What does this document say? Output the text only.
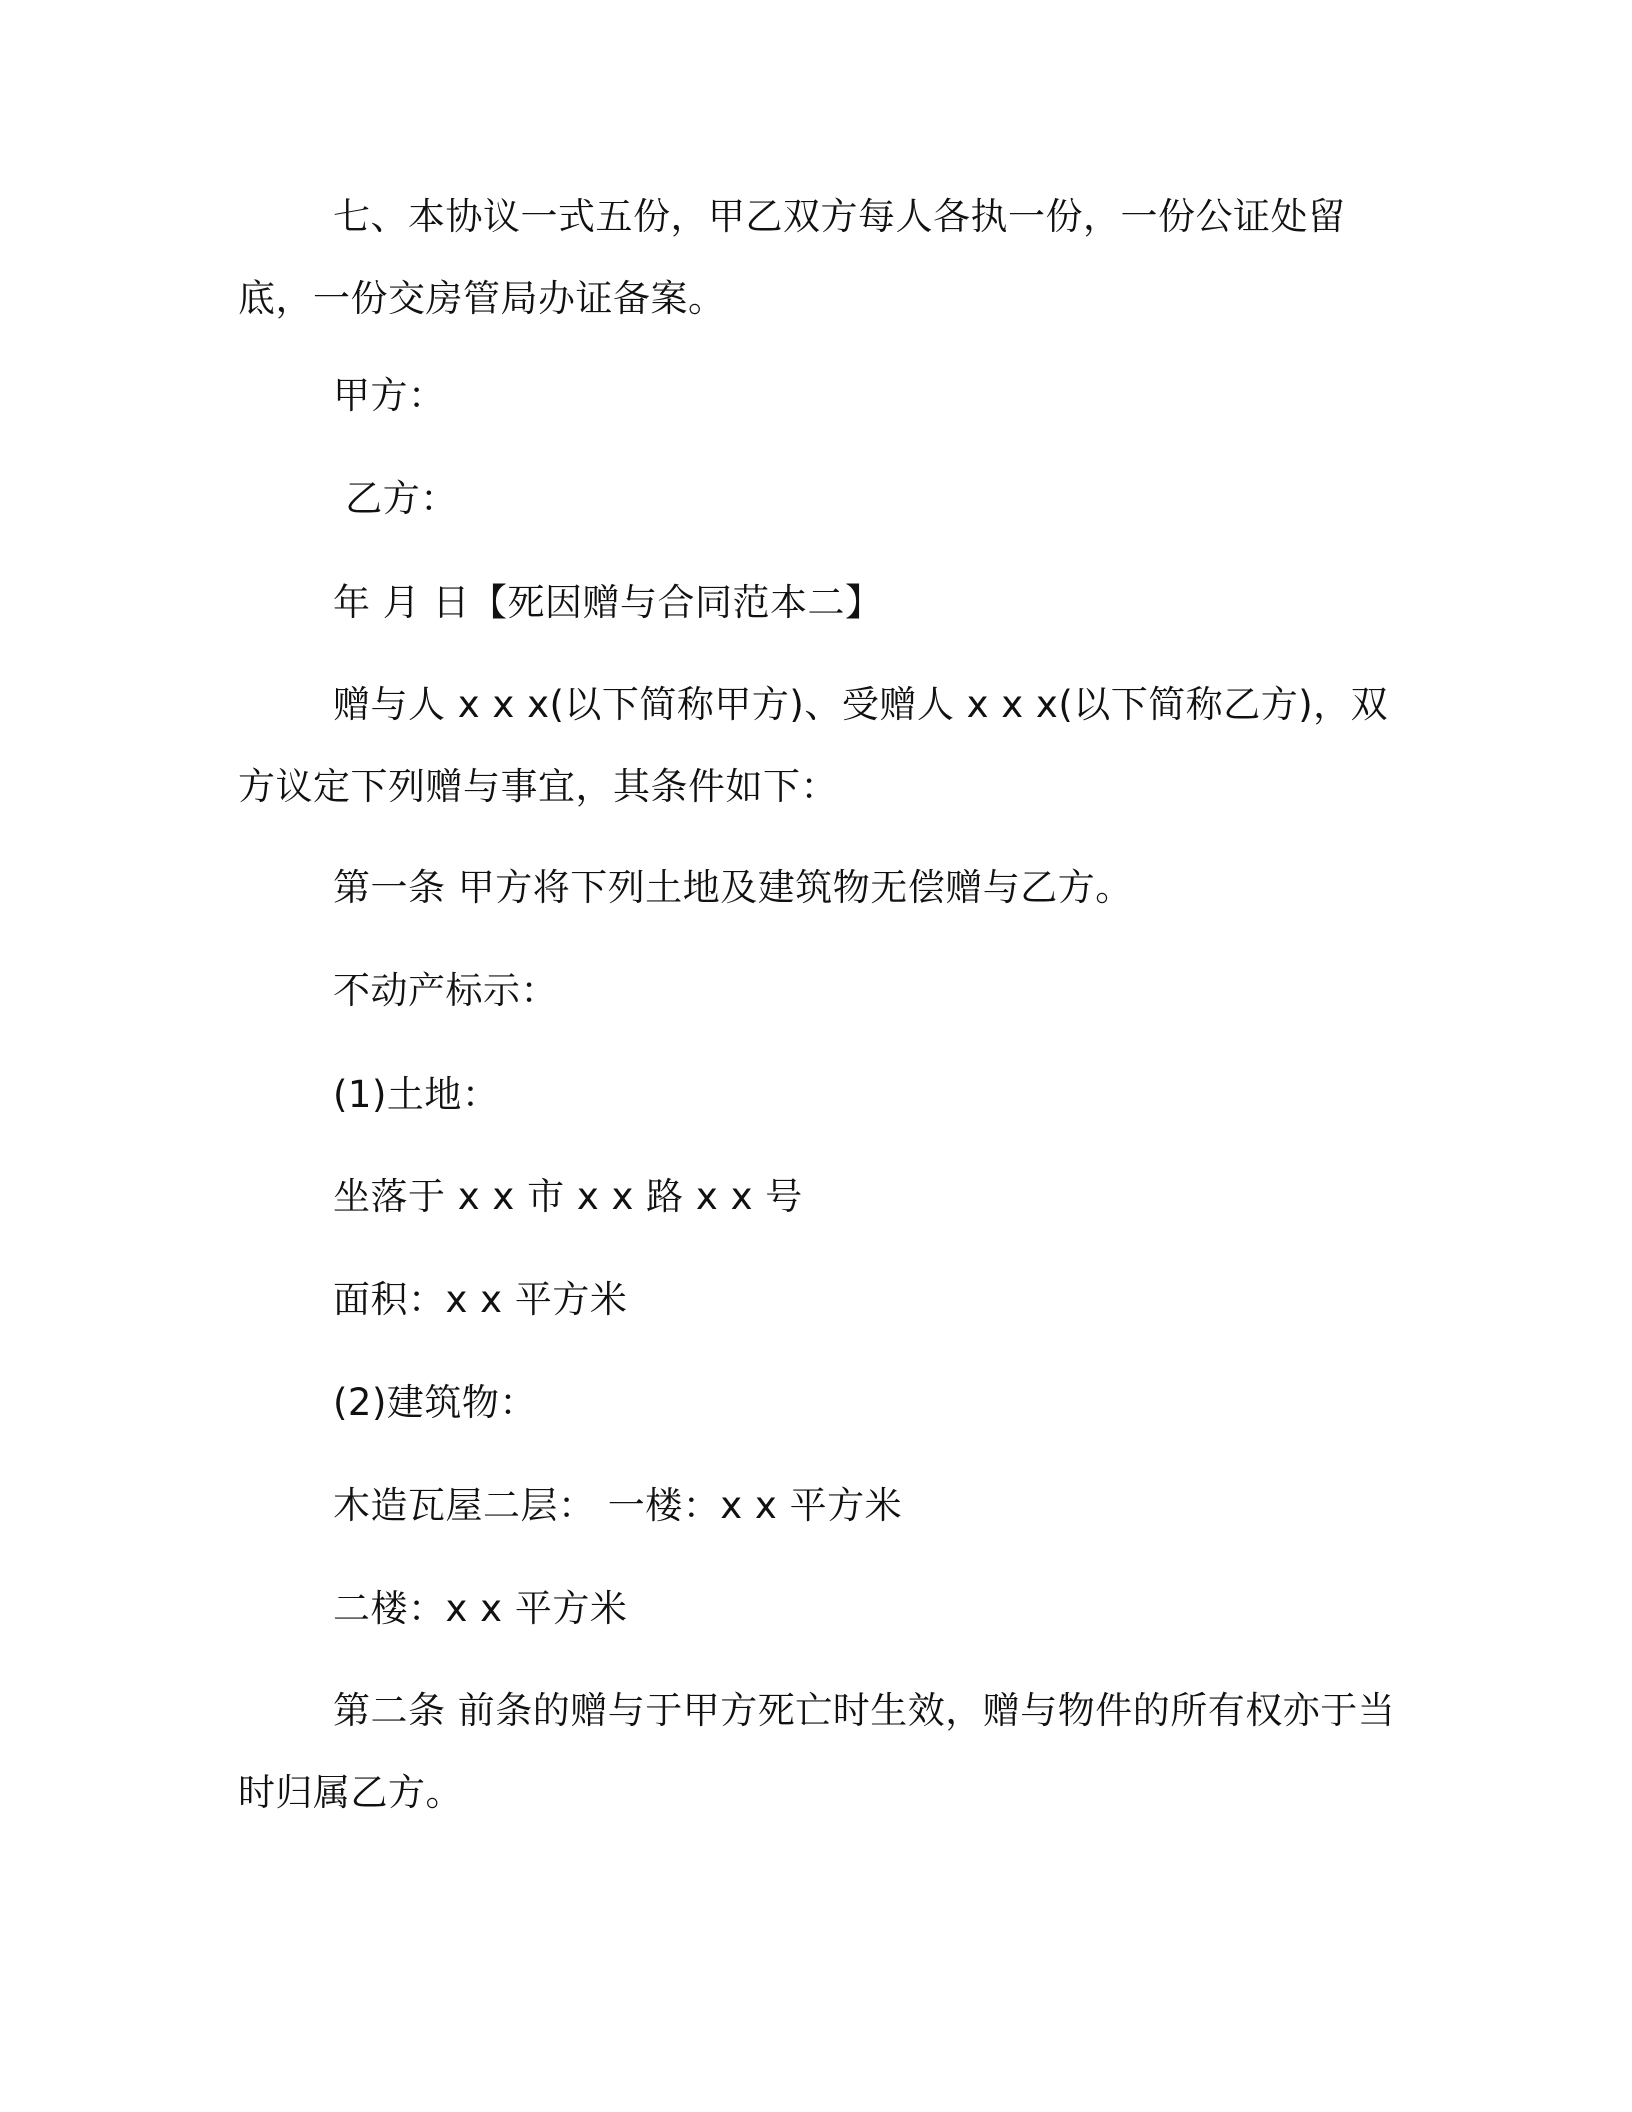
七、本协议一式五份，甲乙双方每人各执一份，一份公证处留底，一份交房管局办证备案。
甲方：
乙方：
年 月 日【死因赠与合同范本二】
赠与人 x x x(以下简称甲方)、受赠人 x x x(以下简称乙方)，双方议定下列赠与事宜，其条件如下：
第一条 甲方将下列土地及建筑物无偿赠与乙方。
不动产标示：
(1)土地：
坐落于 x x 市 x x 路 x x 号
面积：x x 平方米
(2)建筑物：
木造瓦屋二层： 一楼：x x 平方米
二楼：x x 平方米
第二条 前条的赠与于甲方死亡时生效，赠与物件的所有权亦于当时归属乙方。
